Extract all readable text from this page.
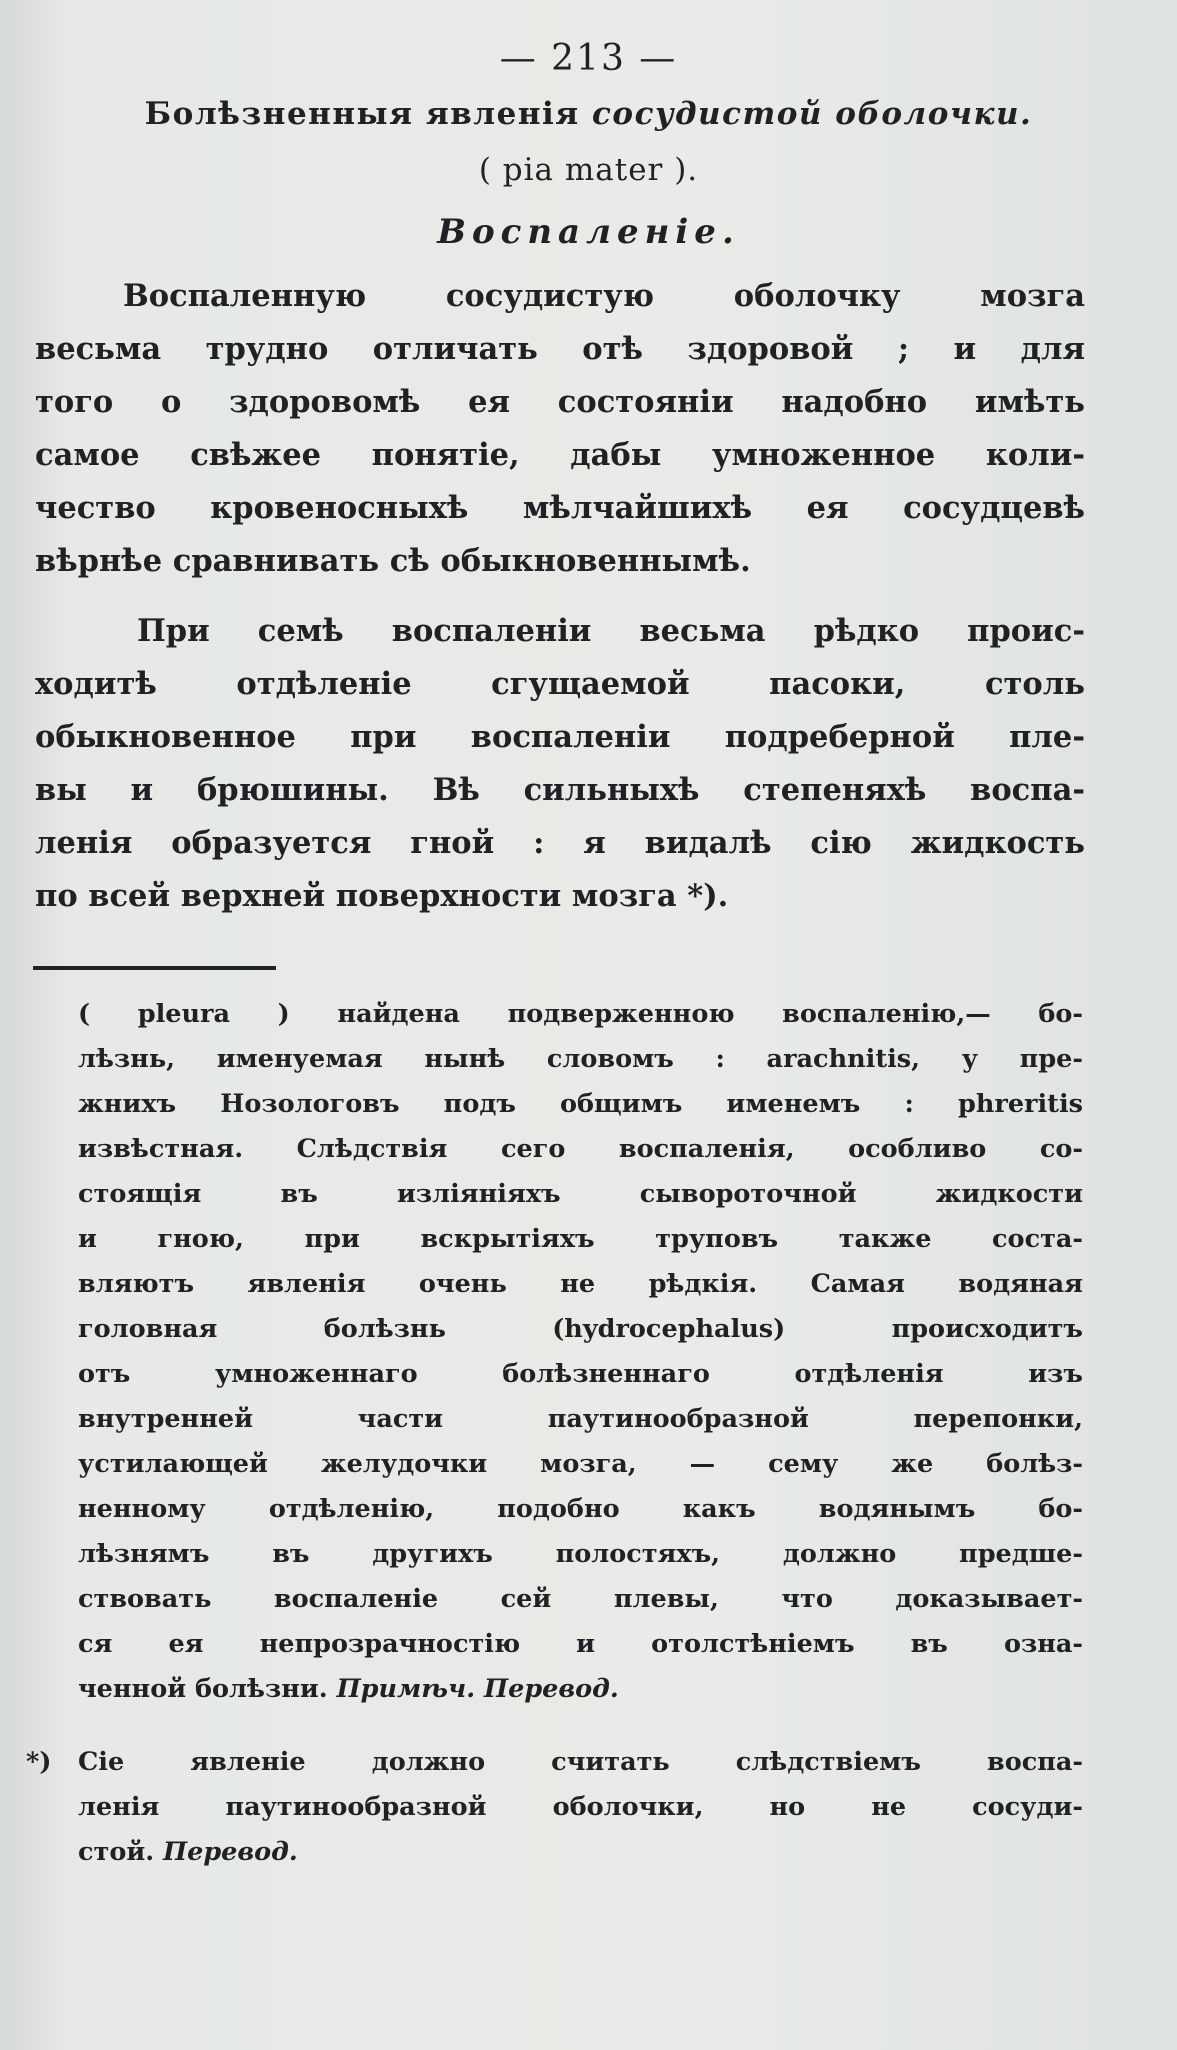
— 213 —
Болѣзненныя явленія сосудистой оболочки.
( pia mater ).
Воспаленіе.
Воспаленную сосудистую оболочку мозга
весьма трудно отличать отѣ здоровой ; и для
того о здоровомѣ ея состояніи надобно имѣть
самое свѣжее понятіе, дабы умноженное коли-
чество кровеносныхѣ мѣлчайшихѣ ея сосудцевѣ
вѣрнѣе сравнивать сѣ обыкновеннымѣ.
При семѣ воспаленіи весьма рѣдко проис-
ходитѣ отдѣленіе сгущаемой пасоки, столь
обыкновенное при воспаленіи подреберной пле-
вы и брюшины. Вѣ сильныхѣ степеняхѣ воспа-
ленія образуется гной : я видалѣ сію жидкость
по всей верхней поверхности мозга *).
( pleura ) найдена подверженною воспаленію,— бо-
лѣзнь, именуемая нынѣ словомъ : arachnitis, у пре-
жнихъ Нозологовъ подъ общимъ именемъ : phreritis
извѣстная. Слѣдствія сего воспаленія, особливо со-
стоящія въ изліяніяхъ сывороточной жидкости
и гною, при вскрытіяхъ труповъ также соста-
вляютъ явленія очень не рѣдкія. Самая водяная
головная болѣзнь (hydrocephalus) происходитъ
отъ умноженнаго болѣзненнаго отдѣленія изъ
внутренней части паутинообразной перепонки,
устилающей желудочки мозга, — сему же болѣз-
ненному отдѣленію, подобно какъ водянымъ бо-
лѣзнямъ въ другихъ полостяхъ, должно предше-
ствовать воспаленіе сей плевы, что доказывает-
ся ея непрозрачностію и отолстѣніемъ въ озна-
ченной болѣзни. Примѣч. Перевод.
*) Сіе явленіе должно считать слѣдствіемъ воспа-
ленія паутинообразной оболочки, но не сосуди-
стой. Перевод.
